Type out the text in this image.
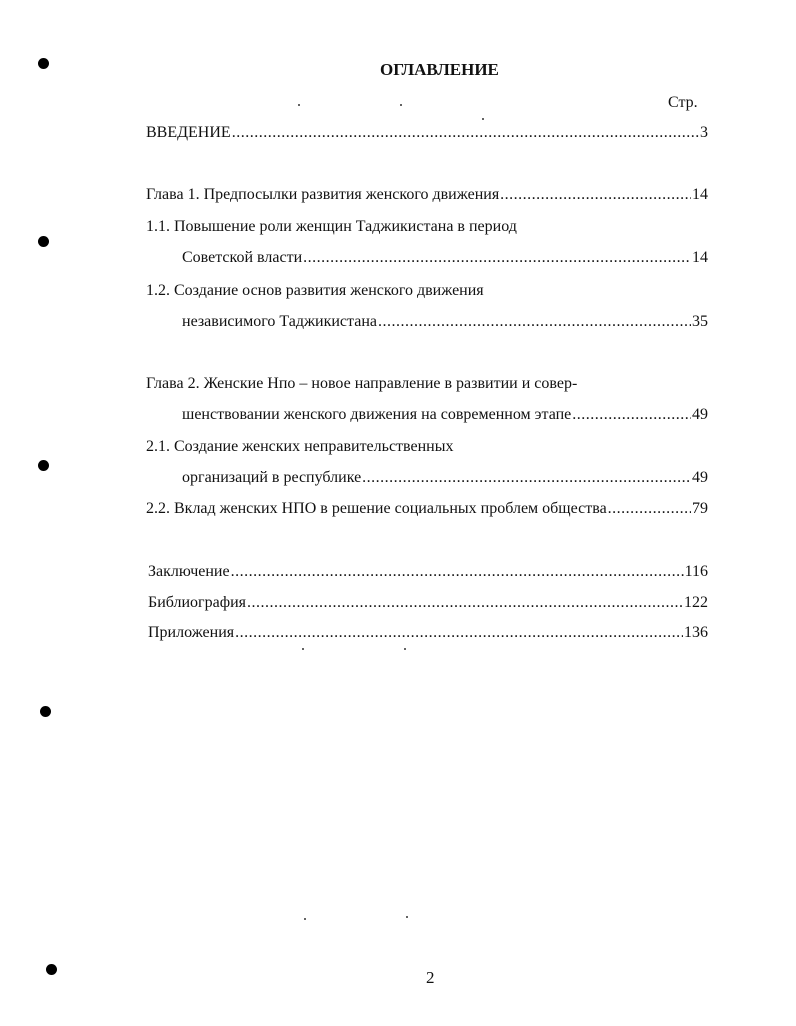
ОГЛАВЛЕНИЕ
Стр.
ВВЕДЕНИЕ .....	3
Глава 1. Предпосылки развития женского движения .....	14
1.1. Повышение роли женщин Таджикистана в период
Советской власти .....	14
1.2. Создание основ развития женского движения
независимого Таджикистана .....	35
Глава 2. Женские Нпо – новое направление в развитии и совер-
шенствовании женского движения на современном этапе .....	49
2.1. Создание женских неправительственных
организаций в республике .....	49
2.2. Вклад женских НПО в решение социальных проблем общества .....	79
Заключение .....	116
Библиография .....	122
Приложения .....	136
2
